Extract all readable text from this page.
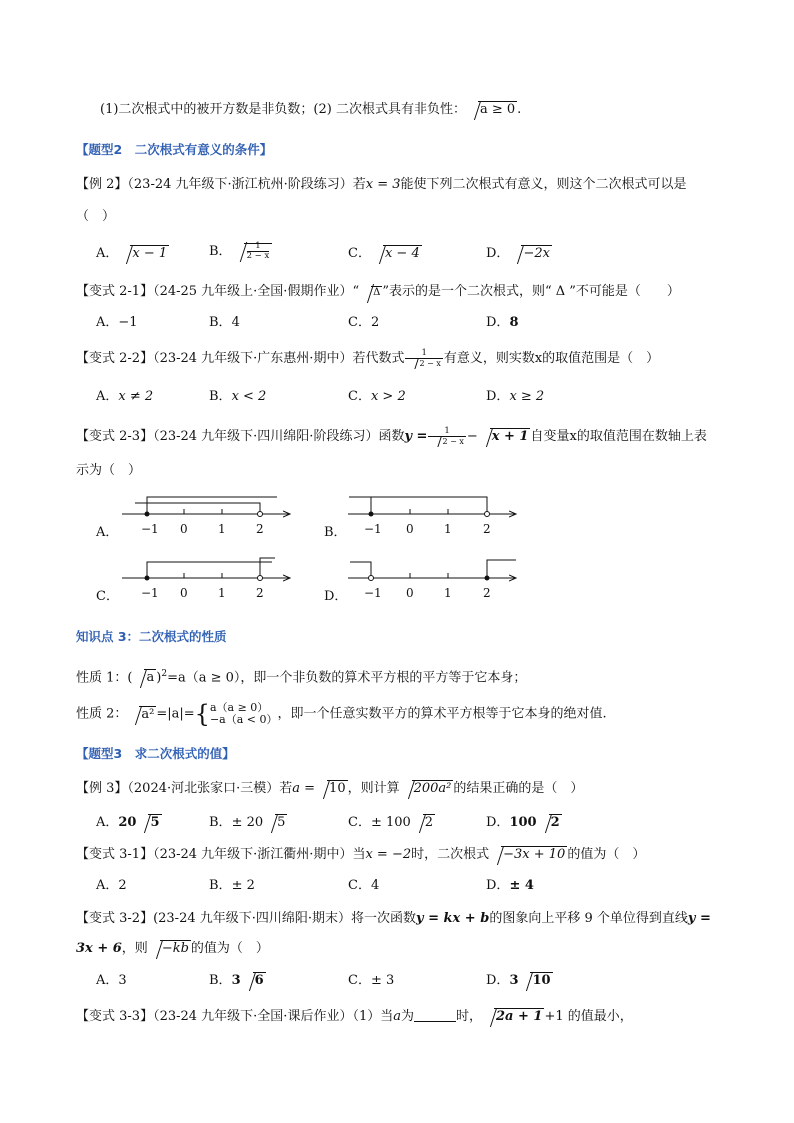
(1)二次根式中的被开方数是非负数；(2) 二次根式具有非负性： a ≥ 0 .
【题型2　二次根式有意义的条件】
【例 2】（23-24 九年级下·浙江杭州·阶段练习）若x = 3能使下列二次根式有意义，则这个二次根式可以是
（　）
A． x − 1	B． $\frac{1}{2 - x}$	C． x − 4	D． −2x
【变式 2-1】（24-25 九年级上·全国·假期作业）“ Δ ”表示的是一个二次根式，则“ Δ ”不可能是（　　）
A．−1	B．4	C．2	D．8
【变式 2-2】（23-24 九年级下·广东惠州·期中）若代数式 $\frac{1}{2 - x}$ 有意义，则实数x的取值范围是（　）
A．x ≠ 2	B．x < 2	C．x > 2	D．x ≥ 2
【变式 2-3】（23-24 九年级下·四川绵阳·阶段练习）函数$y = \frac{1}{2 - x} - x + 1$ 自变量x的取值范围在数轴上表
示为（　）
A．	B．
C．	D．
−1 0	1	2	−1 0	1	2
−1 0	1	2	−1 0	1	2
知识点 3：二次根式的性质
性质 1：( a )$^2$=a（a ≥ 0），即一个非负数的算术平方根的平方等于它本身；
性质 2： a² =|a|={ a（a ≥ 0）
−a（a < 0） ，即一个任意实数平方的算术平方根等于它本身的绝对值.
【题型3　求二次根式的值】
【例 3】（2024·河北张家口·三模）若a = 10 ，则计算 200a² 的结果正确的是（　）
A．20 5	B．± 20 5	C．± 100 2	D．100 2
【变式 3-1】（23-24 九年级下·浙江衢州·期中）当x = −2时，二次根式 −3x + 10 的值为（　）
A．2	B．± 2	C．4	D．± 4
【变式 3-2】(23-24 九年级下·四川绵阳·期末）将一次函数y = kx + b的图象向上平移 9 个单位得到直线y =
3x + 6，则 −kb 的值为（　）
A．3	B．3 6	C．± 3	D．3 10
【变式 3-3】（23-24 九年级下·全国·课后作业）（1）当a为	时， 2a + 1 +1 的值最小，
